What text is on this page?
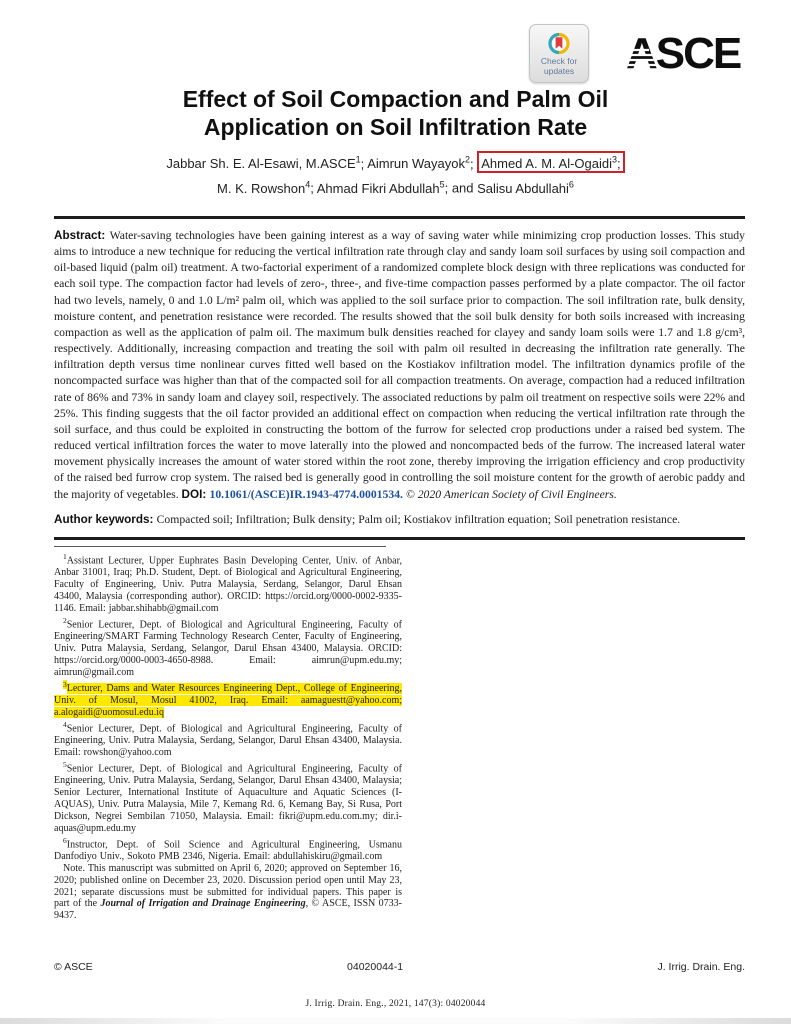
Check for
updates ASCE
Effect of Soil Compaction and Palm Oil
Application on Soil Infiltration Rate
Jabbar Sh. E. Al-Esawi, M.ASCE$^1$; Aimrun Wayayok$^2$; Ahmed A. M. Al-Ogaidi$^3$;
M. K. Rowshon$^4$; Ahmad Fikri Abdullah$^5$; and Salisu Abdullahi$^6$

Abstract: Water-saving technologies have been gaining interest as a way of saving water while minimizing crop production losses. This study aims to introduce a new technique for reducing the vertical infiltration rate through clay and sandy loam soil surfaces by using soil compaction and oil-based liquid (palm oil) treatment. A two-factorial experiment of a randomized complete block design with three replications was conducted for each soil type. The compaction factor had levels of zero-, three-, and five-time compaction passes performed by a plate compactor. The oil factor had two levels, namely, 0 and 1.0 L/m² palm oil, which was applied to the soil surface prior to compaction. The soil infiltration rate, bulk density, moisture content, and penetration resistance were recorded. The results showed that the soil bulk density for both soils increased with increasing compaction as well as the application of palm oil. The maximum bulk densities reached for clayey and sandy loam soils were 1.7 and 1.8 g/cm³, respectively. Additionally, increasing compaction and treating the soil with palm oil resulted in decreasing the infiltration rate generally. The infiltration depth versus time nonlinear curves fitted well based on the Kostiakov infiltration model. The infiltration dynamics profile of the noncompacted surface was higher than that of the compacted soil for all compaction treatments. On average, compaction had a reduced infiltration rate of 86% and 73% in sandy loam and clayey soil, respectively. The associated reductions by palm oil treatment on respective soils were 22% and 25%. This finding suggests that the oil factor provided an additional effect on compaction when reducing the vertical infiltration rate through the soil surface, and thus could be exploited in constructing the bottom of the furrow for selected crop productions under a raised bed system. The reduced vertical infiltration forces the water to move laterally into the plowed and noncompacted beds of the furrow. The increased lateral water movement physically increases the amount of water stored within the root zone, thereby improving the irrigation efficiency and crop productivity of the raised bed furrow crop system. The raised bed is generally good in controlling the soil moisture content for the growth of aerobic paddy and the majority of vegetables. DOI: 10.1061/(ASCE)IR.1943-4774.0001534. © 2020 American Society of Civil Engineers.

Author keywords: Compacted soil; Infiltration; Bulk density; Palm oil; Kostiakov infiltration equation; Soil penetration resistance.

$^1$Assistant Lecturer, Upper Euphrates Basin Developing Center, Univ. of Anbar, Anbar 31001, Iraq; Ph.D. Student, Dept. of Biological and Agricultural Engineering, Faculty of Engineering, Univ. Putra Malaysia, Serdang, Selangor, Darul Ehsan 43400, Malaysia (corresponding author). ORCID: https://orcid.org/0000-0002-9335-1146. Email: jabbar.shihabb@gmail.com

$^2$Senior Lecturer, Dept. of Biological and Agricultural Engineering, Faculty of Engineering/SMART Farming Technology Research Center, Faculty of Engineering, Univ. Putra Malaysia, Serdang, Selangor, Darul Ehsan 43400, Malaysia. ORCID: https://orcid.org/0000-0003-4650-8988. Email: aimrun@upm.edu.my; aimrun@gmail.com

$^3$Lecturer, Dams and Water Resources Engineering Dept., College of Engineering, Univ. of Mosul, Mosul 41002, Iraq. Email: aamaguestt@yahoo.com; a.alogaidi@uomosul.edu.iq

$^4$Senior Lecturer, Dept. of Biological and Agricultural Engineering, Faculty of Engineering, Univ. Putra Malaysia, Serdang, Selangor, Darul Ehsan 43400, Malaysia. Email: rowshon@yahoo.com

$^5$Senior Lecturer, Dept. of Biological and Agricultural Engineering, Faculty of Engineering, Univ. Putra Malaysia, Serdang, Selangor, Darul Ehsan 43400, Malaysia; Senior Lecturer, International Institute of Aquaculture and Aquatic Sciences (I-AQUAS), Univ. Putra Malaysia, Mile 7, Kemang Rd. 6, Kemang Bay, Si Rusa, Port Dickson, Negrei Sembilan 71050, Malaysia. Email: fikri@upm.edu.com.my; dir.i-aquas@upm.edu.my

$^6$Instructor, Dept. of Soil Science and Agricultural Engineering, Usmanu Danfodiyo Univ., Sokoto PMB 2346, Nigeria. Email: abdullahiskiru@gmail.com

Note. This manuscript was submitted on April 6, 2020; approved on September 16, 2020; published online on December 23, 2020. Discussion period open until May 23, 2021; separate discussions must be submitted for individual papers. This paper is part of the Journal of Irrigation and Drainage Engineering, © ASCE, ISSN 0733-9437.

© ASCE	04020044-1	J. Irrig. Drain. Eng.
J. Irrig. Drain. Eng., 2021, 147(3): 04020044
